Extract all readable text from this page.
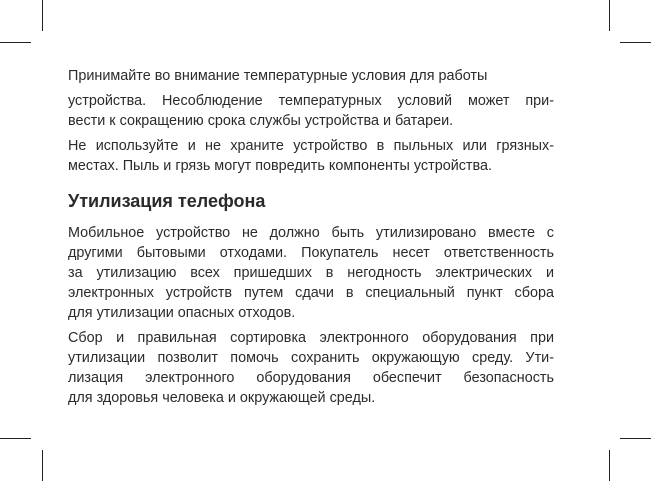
Принимайте во внимание температурные условия для работы
устройства. Несоблюдение температурных условий может при-
вести к сокращению срока службы устройства и батареи.
Не используйте и не храните устройство в пыльных или грязных-
местах. Пыль и грязь могут повредить компоненты устройства.
Утилизация телефона
Мобильное устройство не должно быть утилизировано вместе с
другими бытовыми отходами. Покупатель несет ответственность
за утилизацию всех пришедших в негодность электрических и
электронных устройств путем сдачи в специальный пункт сбора
для утилизации опасных отходов.
Сбор и правильная сортировка электронного оборудования при
утилизации позволит помочь сохранить окружающую среду. Ути-
лизация электронного оборудования обеспечит безопасность
для здоровья человека и окружающей среды.
